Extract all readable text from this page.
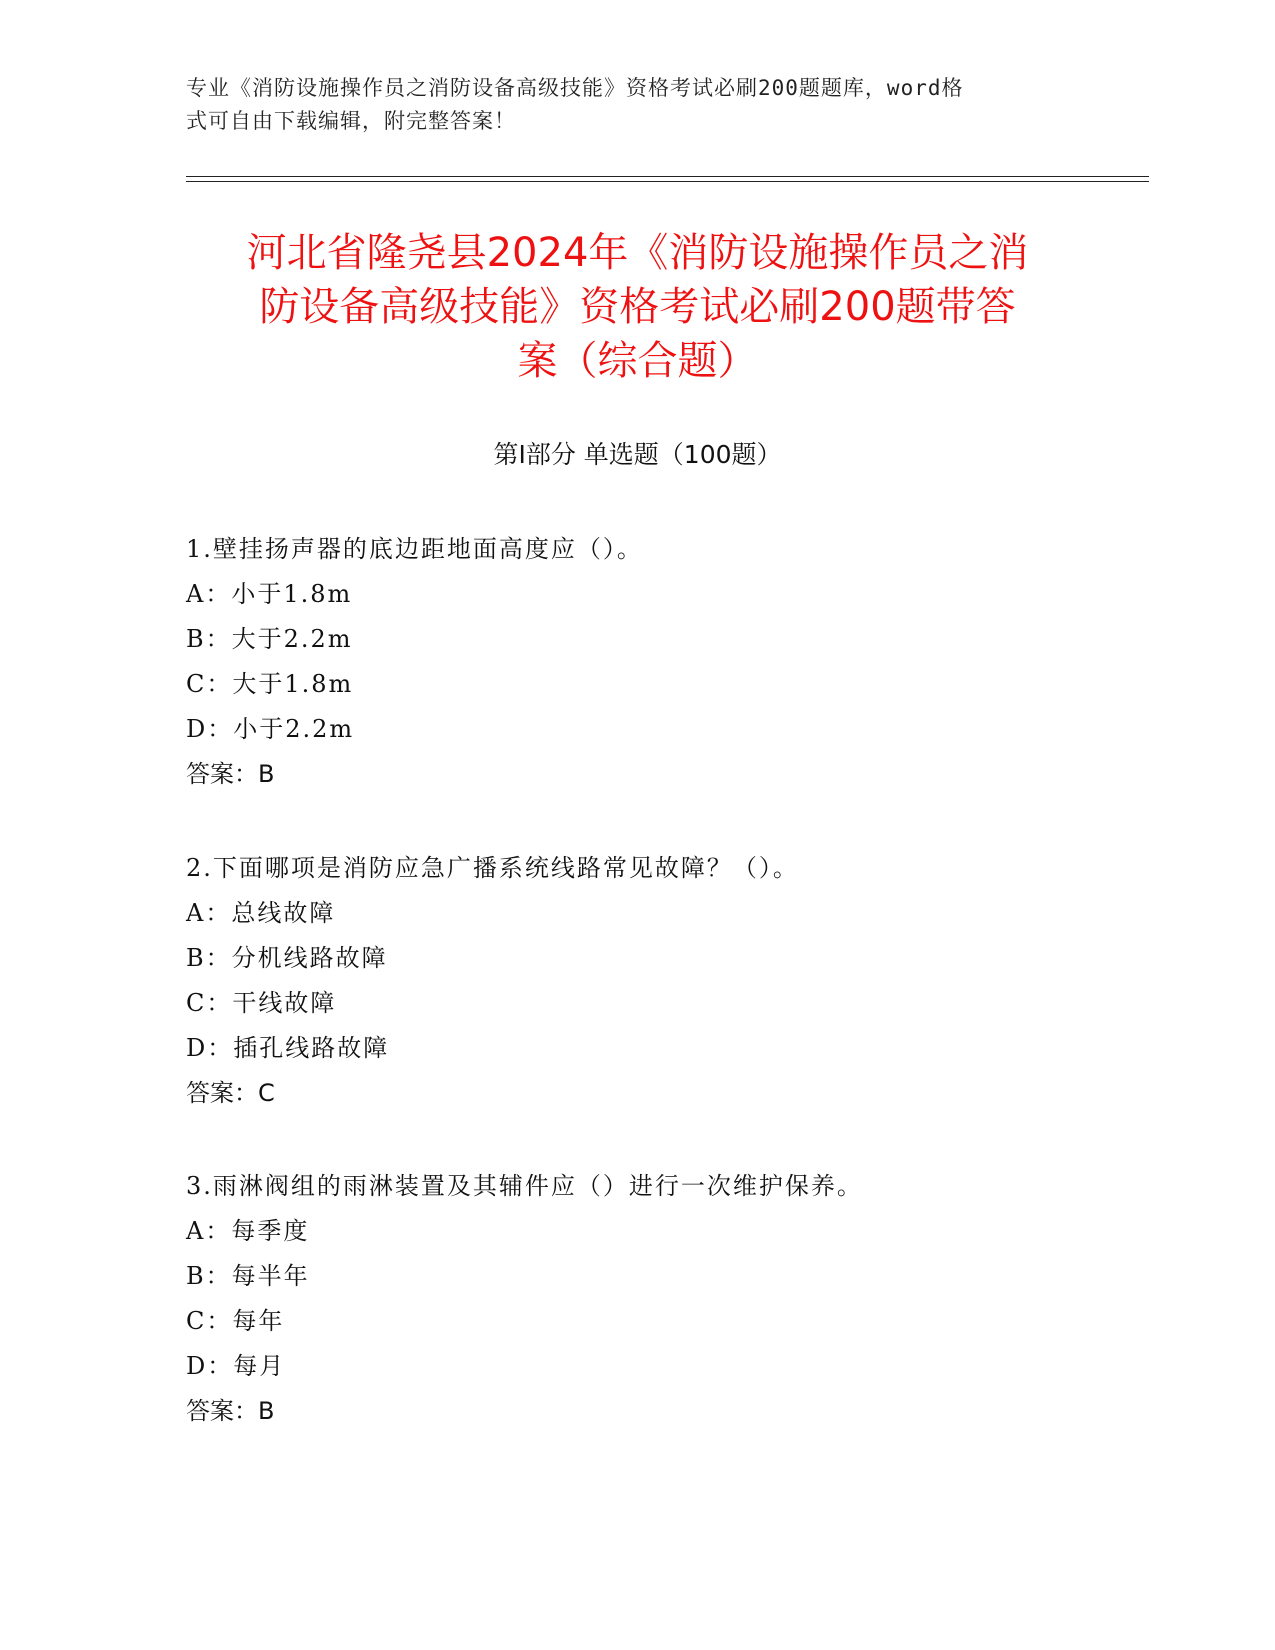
专业《消防设施操作员之消防设备高级技能》资格考试必刷200题题库，word格
式可自由下载编辑，附完整答案！
河北省隆尧县2024年《消防设施操作员之消
防设备高级技能》资格考试必刷200题带答
案（综合题）
第Ⅰ部分 单选题（100题）
1.壁挂扬声器的底边距地面高度应（）。
A：小于1.8m
B：大于2.2m
C：大于1.8m
D：小于2.2m
答案：B
2.下面哪项是消防应急广播系统线路常见故障？（）。
A：总线故障
B：分机线路故障
C：干线故障
D：插孔线路故障
答案：C
3.雨淋阀组的雨淋装置及其辅件应（）进行一次维护保养。
A：每季度
B：每半年
C：每年
D：每月
答案：B
